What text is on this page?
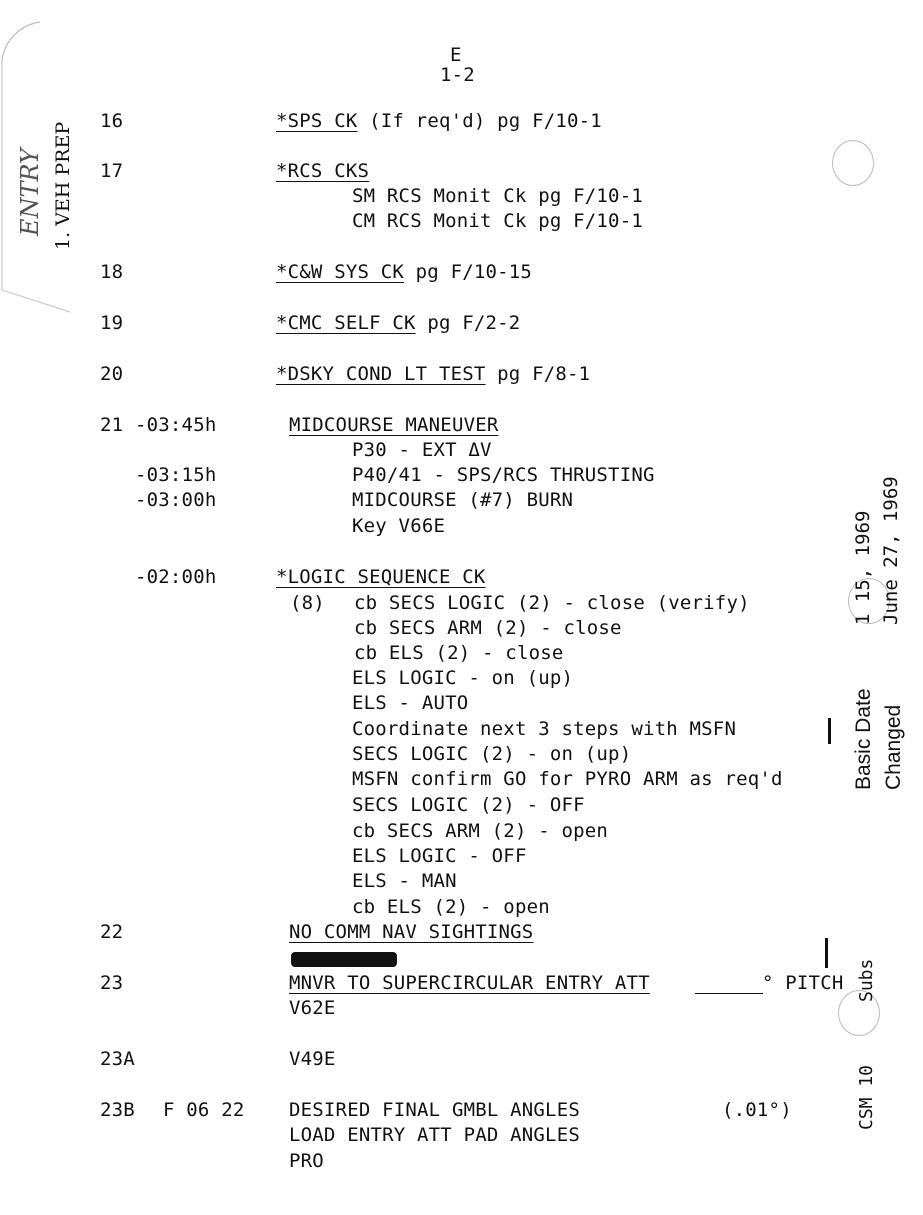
E
1-2
ENTRY 1. VEH PREP
16	*SPS CK (If req'd) pg F/10-1
17	*RCS CKS
SM RCS Monit Ck pg F/10-1
CM RCS Monit Ck pg F/10-1
18	*C&W SYS CK pg F/10-15
19	*CMC SELF CK pg F/2-2
20	*DSKY COND LT TEST pg F/8-1
21 -03:45h	MIDCOURSE MANEUVER
P30 - EXT ΔV
-03:15h	P40/41 - SPS/RCS THRUSTING
-03:00h	MIDCOURSE (#7) BURN
Key V66E
-02:00h	*LOGIC SEQUENCE CK
(8) cb SECS LOGIC (2) - close (verify)
cb SECS ARM (2) - close
cb ELS (2) - close
ELS LOGIC - on (up)
ELS - AUTO
Coordinate next 3 steps with MSFN
SECS LOGIC (2) - on (up)
MSFN confirm GO for PYRO ARM as req'd
SECS LOGIC (2) - OFF
cb SECS ARM (2) - open
ELS LOGIC - OFF
ELS - MAN
cb ELS (2) - open
22	NO COMM NAV SIGHTINGS
23	MNVR TO SUPERCIRCULAR ENTRY ATT	° PITCH
V62E
23A	V49E
23B F 06 22 DESIRED FINAL GMBL ANGLES	(.01°)
LOAD ENTRY ATT PAD ANGLES
PRO
Basic Date Changed
1 15, 1969 June 27, 1969
CSM 10
Subs
